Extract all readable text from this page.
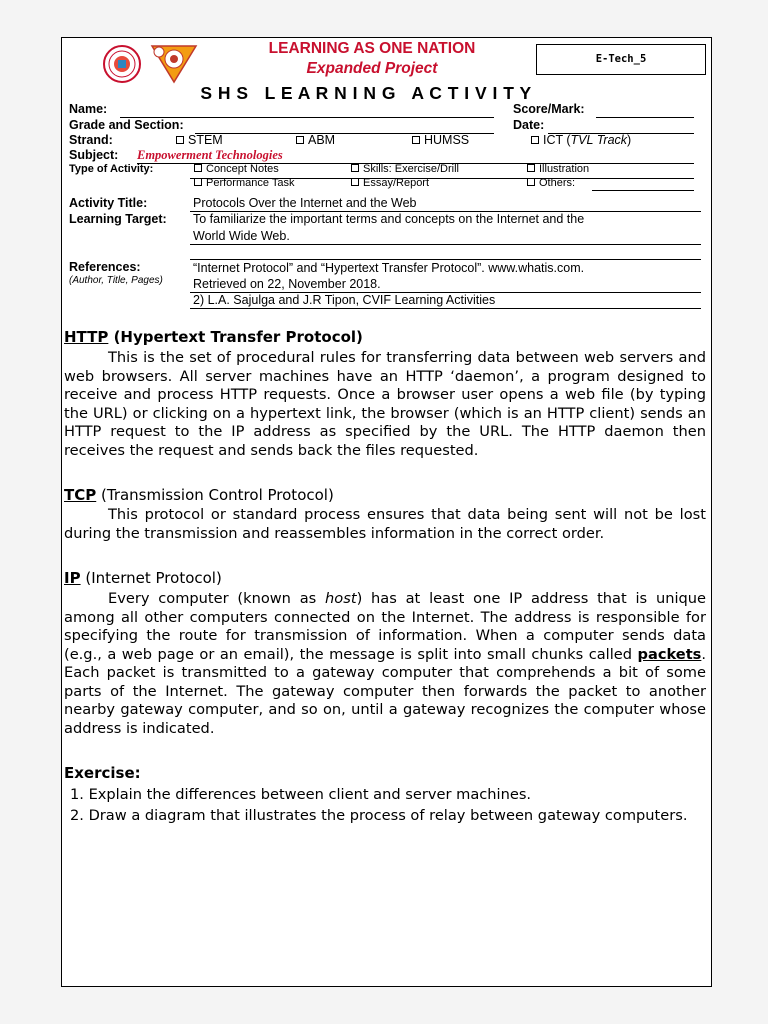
LEARNING AS ONE NATION
Expanded Project
E-Tech_5
S H S   L E A R N I N G   A C T I V I T Y
Name:	Score/Mark:
Grade and Section:	Date:
Strand:	STEM	ABM	HUMSS	ICT (TVL Track)
Subject: Empowerment Technologies
Type of Activity:	Concept Notes	Skills: Exercise/Drill	Illustration
Performance Task	Essay/Report	Others:
Activity Title:	Protocols Over the Internet and the Web
Learning Target: To familiarize the important terms and concepts on the Internet and the
World Wide Web.
References:
(Author, Title, Pages)
“Internet Protocol” and “Hypertext Transfer Protocol”. www.whatis.com.
Retrieved on 22, November 2018.
2) L.A. Sajulga and J.R Tipon, CVIF Learning Activities
HTTP (Hypertext Transfer Protocol)

This is the set of procedural rules for transferring data between web servers and web browsers. All server machines have an HTTP ‘daemon’, a program designed to receive and process HTTP requests. Once a browser user opens a web file (by typing the URL) or clicking on a hypertext link, the browser (which is an HTTP client) sends an HTTP request to the IP address as specified by the URL. The HTTP daemon then receives the request and sends back the files requested.

TCP (Transmission Control Protocol)

This protocol or standard process ensures that data being sent will not be lost during the transmission and reassembles information in the correct order.

IP (Internet Protocol)

Every computer (known as host) has at least one IP address that is unique among all other computers connected on the Internet. The address is responsible for specifying the route for transmission of information. When a computer sends data (e.g., a web page or an email), the message is split into small chunks called packets. Each packet is transmitted to a gateway computer that comprehends a bit of some parts of the Internet. The gateway computer then forwards the packet to another nearby gateway computer, and so on, until a gateway recognizes the computer whose address is indicated.

Exercise:
1. Explain the differences between client and server machines.
2. Draw a diagram that illustrates the process of relay between gateway computers.
